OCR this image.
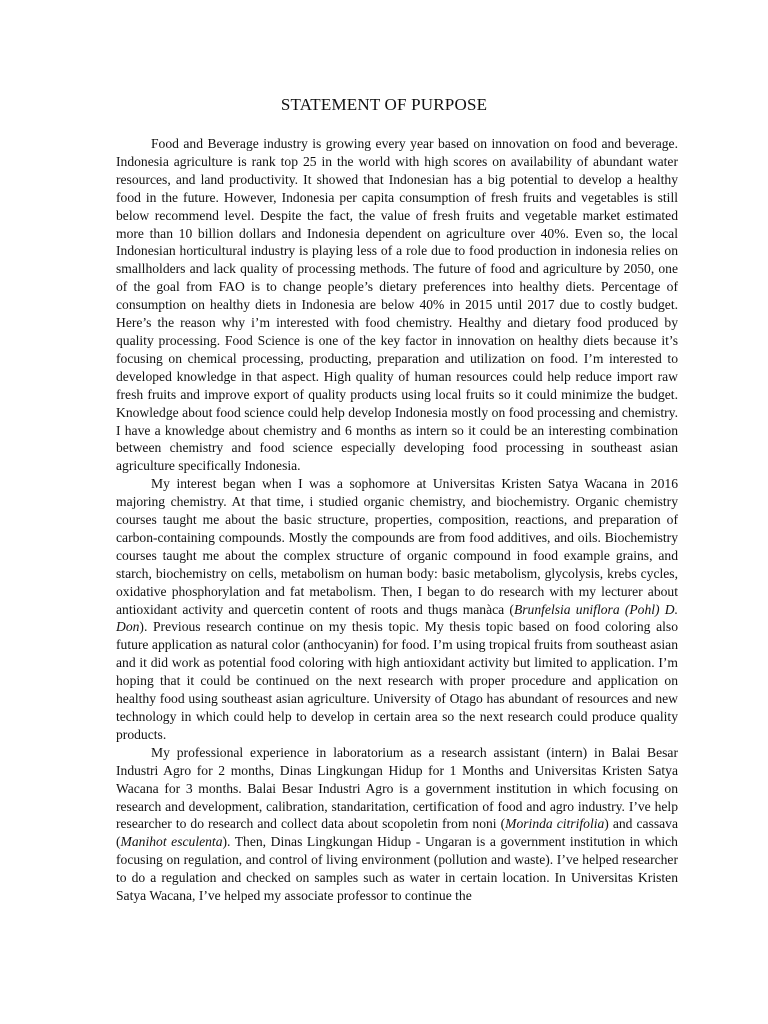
STATEMENT OF PURPOSE

Food and Beverage industry is growing every year based on innovation on food and beverage. Indonesia agriculture is rank top 25 in the world with high scores on availability of abundant water resources, and land productivity. It showed that Indonesian has a big potential to develop a healthy food in the future. However, Indonesia per capita consumption of fresh fruits and vegetables is still below recommend level. Despite the fact, the value of fresh fruits and vegetable market estimated more than 10 billion dollars and Indonesia dependent on agriculture over 40%. Even so, the local Indonesian horticultural industry is playing less of a role due to food production in indonesia relies on smallholders and lack quality of processing methods. The future of food and agriculture by 2050, one of the goal from FAO is to change people’s dietary preferences into healthy diets. Percentage of consumption on healthy diets in Indonesia are below 40% in 2015 until 2017 due to costly budget. Here’s the reason why i’m interested with food chemistry. Healthy and dietary food produced by quality processing. Food Science is one of the key factor in innovation on healthy diets because it’s focusing on chemical processing, producting, preparation and utilization on food. I’m interested to developed knowledge in that aspect. High quality of human resources could help reduce import raw fresh fruits and improve export of quality products using local fruits so it could minimize the budget. Knowledge about food science could help develop Indonesia mostly on food processing and chemistry. I have a knowledge about chemistry and 6 months as intern so it could be an interesting combination between chemistry and food science especially developing food processing in southeast asian agriculture specifically Indonesia.

My interest began when I was a sophomore at Universitas Kristen Satya Wacana in 2016 majoring chemistry. At that time, i studied organic chemistry, and biochemistry. Organic chemistry courses taught me about the basic structure, properties, composition, reactions, and preparation of carbon-containing compounds. Mostly the compounds are from food additives, and oils. Biochemistry courses taught me about the complex structure of organic compound in food example grains, and starch, biochemistry on cells, metabolism on human body: basic metabolism, glycolysis, krebs cycles, oxidative phosphorylation and fat metabolism. Then, I began to do research with my lecturer about antioxidant activity and quercetin content of roots and thugs manàca (Brunfelsia uniflora (Pohl) D. Don). Previous research continue on my thesis topic. My thesis topic based on food coloring also future application as natural color (anthocyanin) for food. I’m using tropical fruits from southeast asian and it did work as potential food coloring with high antioxidant activity but limited to application. I’m hoping that it could be continued on the next research with proper procedure and application on healthy food using southeast asian agriculture. University of Otago has abundant of resources and new technology in which could help to develop in certain area so the next research could produce quality products.

My professional experience in laboratorium as a research assistant (intern) in Balai Besar Industri Agro for 2 months, Dinas Lingkungan Hidup for 1 Months and Universitas Kristen Satya Wacana for 3 months. Balai Besar Industri Agro is a government institution in which focusing on research and development, calibration, standaritation, certification of food and agro industry. I’ve help researcher to do research and collect data about scopoletin from noni (Morinda citrifolia) and cassava (Manihot esculenta). Then, Dinas Lingkungan Hidup - Ungaran is a government institution in which focusing on regulation, and control of living environment (pollution and waste). I’ve helped researcher to do a regulation and checked on samples such as water in certain location. In Universitas Kristen Satya Wacana, I’ve helped my associate professor to continue the
